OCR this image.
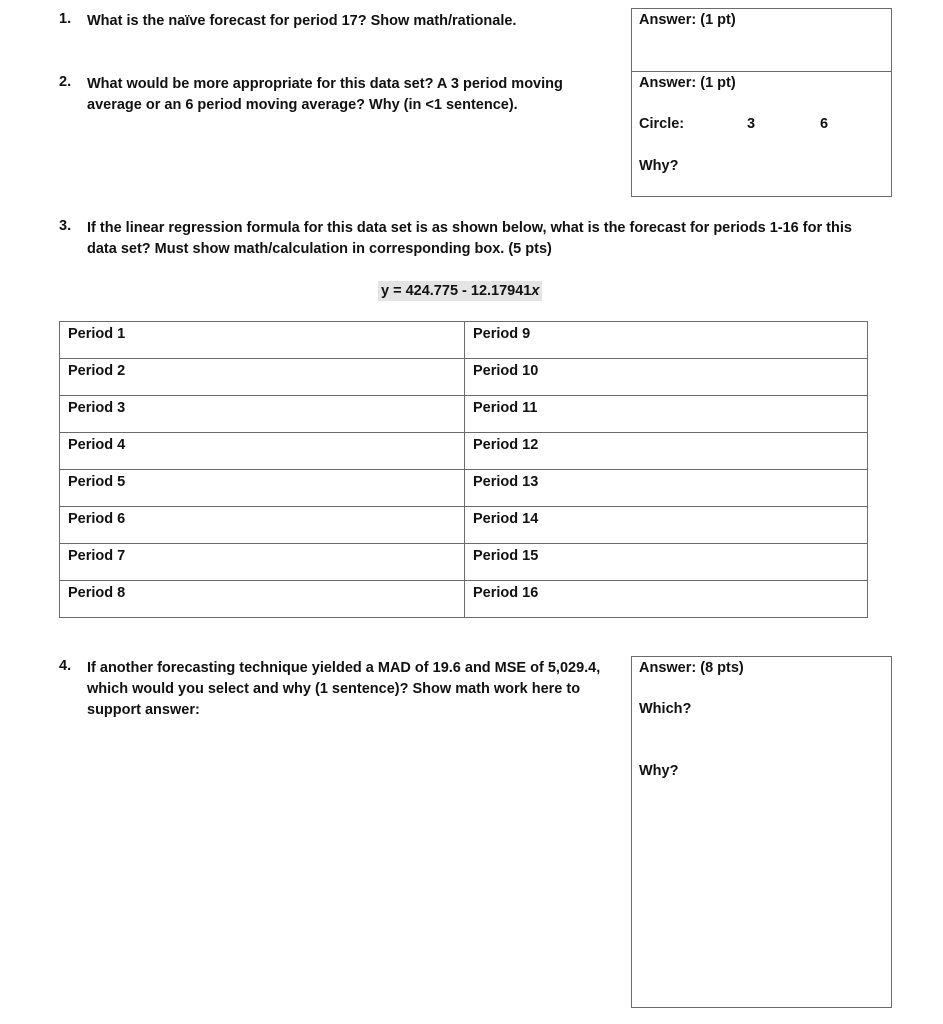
1. What is the naïve forecast for period 17? Show math/rationale.	Answer: (1 pt)
2. What would be more appropriate for this data set? A 3 period moving
average or an 6 period moving average? Why (in <1 sentence).
Answer: (1 pt)
Circle:	3	6
Why?
3. If the linear regression formula for this data set is as shown below, what is the forecast for periods 1-16 for this
data set? Must show math/calculation in corresponding box. (5 pts)
y = 424.775 - 12.17941x
Period 1	Period 9
Period 2	Period 10
Period 3	Period 11
Period 4	Period 12
Period 5	Period 13
Period 6	Period 14
Period 7	Period 15
Period 8	Period 16
4. If another forecasting technique yielded a MAD of 19.6 and MSE of 5,029.4,
which would you select and why (1 sentence)? Show math work here to
support answer:
Answer: (8 pts)
Which?
Why?
